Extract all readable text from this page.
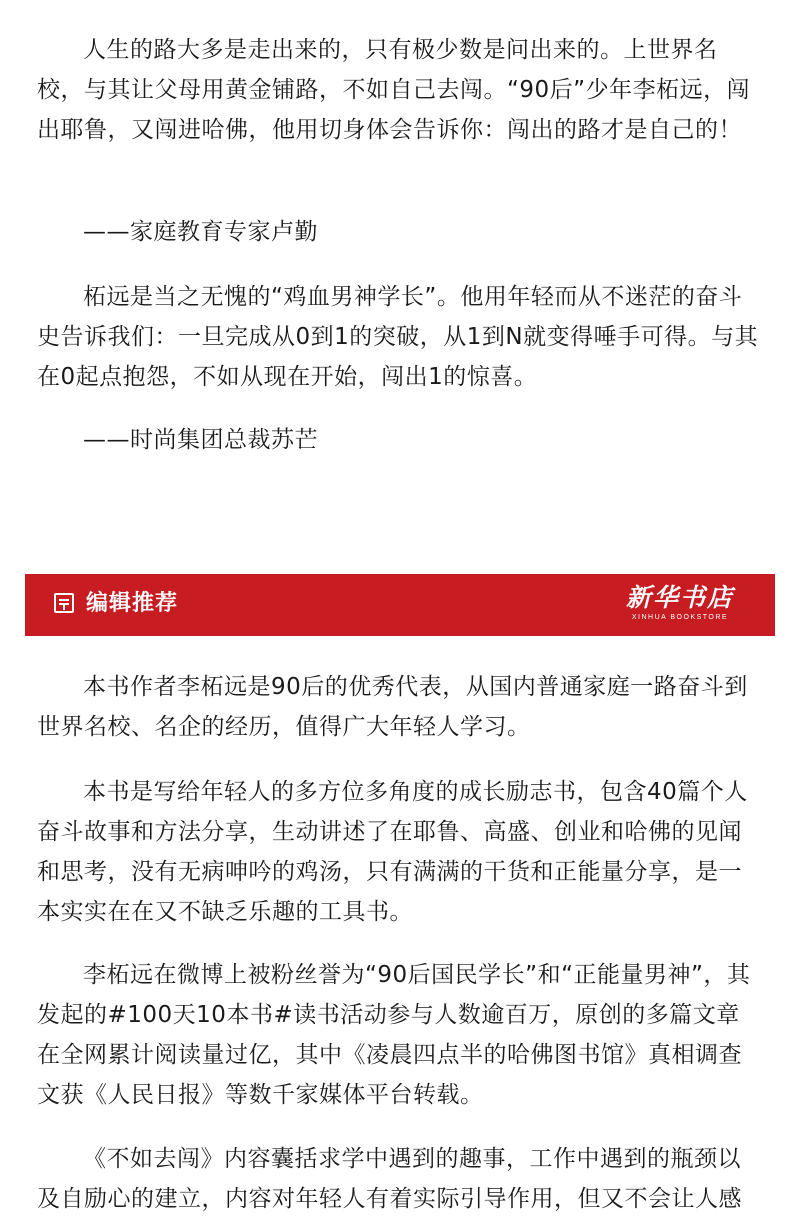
人生的路大多是走出来的，只有极少数是问出来的。上世界名校，与其让父母用黄金铺路，不如自己去闯。“90后”少年李柘远，闯出耶鲁，又闯进哈佛，他用切身体会告诉你：闯出的路才是自己的！

——家庭教育专家卢勤

柘远是当之无愧的“鸡血男神学长”。他用年轻而从不迷茫的奋斗史告诉我们：一旦完成从0到1的突破，从1到N就变得唾手可得。与其在0起点抱怨，不如从现在开始，闯出1的惊喜。

——时尚集团总裁苏芒

编辑推荐	新华书店
XINHUA BOOKSTORE

本书作者李柘远是90后的优秀代表，从国内普通家庭一路奋斗到世界名校、名企的经历，值得广大年轻人学习。

本书是写给年轻人的多方位多角度的成长励志书，包含40篇个人奋斗故事和方法分享，生动讲述了在耶鲁、高盛、创业和哈佛的见闻和思考，没有无病呻吟的鸡汤，只有满满的干货和正能量分享，是一本实实在在又不缺乏乐趣的工具书。

李柘远在微博上被粉丝誉为“90后国民学长”和“正能量男神”，其发起的#100天10本书#读书活动参与人数逾百万，原创的多篇文章在全网累计阅读量过亿，其中《凌晨四点半的哈佛图书馆》真相调查文获《人民日报》等数千家媒体平台转载。

《不如去闯》内容囊括求学中遇到的趣事，工作中遇到的瓶颈以及自励心的建立，内容对年轻人有着实际引导作用，但又不会让人感
